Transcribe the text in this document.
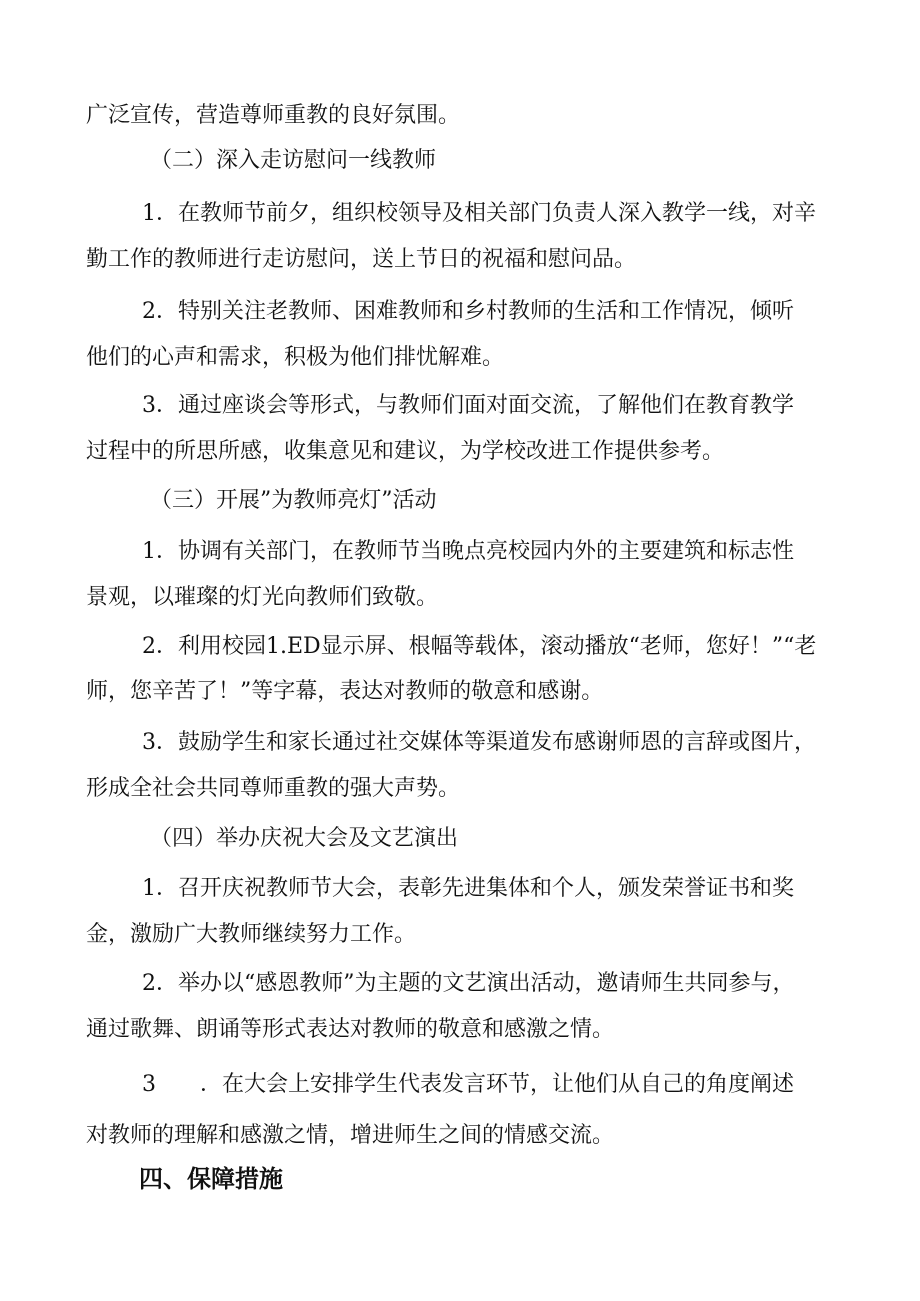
广泛宣传，营造尊师重教的良好氛围。
（二）深入走访慰问一线教师
1．在教师节前夕，组织校领导及相关部门负责人深入教学一线，对辛
勤工作的教师进行走访慰问，送上节日的祝福和慰问品。
2．特别关注老教师、困难教师和乡村教师的生活和工作情况，倾听
他们的心声和需求，积极为他们排忧解难。
3．通过座谈会等形式，与教师们面对面交流，了解他们在教育教学
过程中的所思所感，收集意见和建议，为学校改进工作提供参考。
（三）开展”为教师亮灯”活动
1．协调有关部门，在教师节当晚点亮校园内外的主要建筑和标志性
景观，以璀璨的灯光向教师们致敬。
2．利用校园1.ED显示屏、根幅等载体，滚动播放“老师，您好！”“老
师，您辛苦了！”等字幕，表达对教师的敬意和感谢。
3．鼓励学生和家长通过社交媒体等渠道发布感谢师恩的言辞或图片，
形成全社会共同尊师重教的强大声势。
（四）举办庆祝大会及文艺演出
1．召开庆祝教师节大会，表彰先进集体和个人，颁发荣誉证书和奖
金，激励广大教师继续努力工作。
2．举办以“感恩教师”为主题的文艺演出活动，邀请师生共同参与，
通过歌舞、朗诵等形式表达对教师的敬意和感激之情。
3　　．在大会上安排学生代表发言环节，让他们从自己的角度阐述
对教师的理解和感激之情，增进师生之间的情感交流。
四、保障措施
